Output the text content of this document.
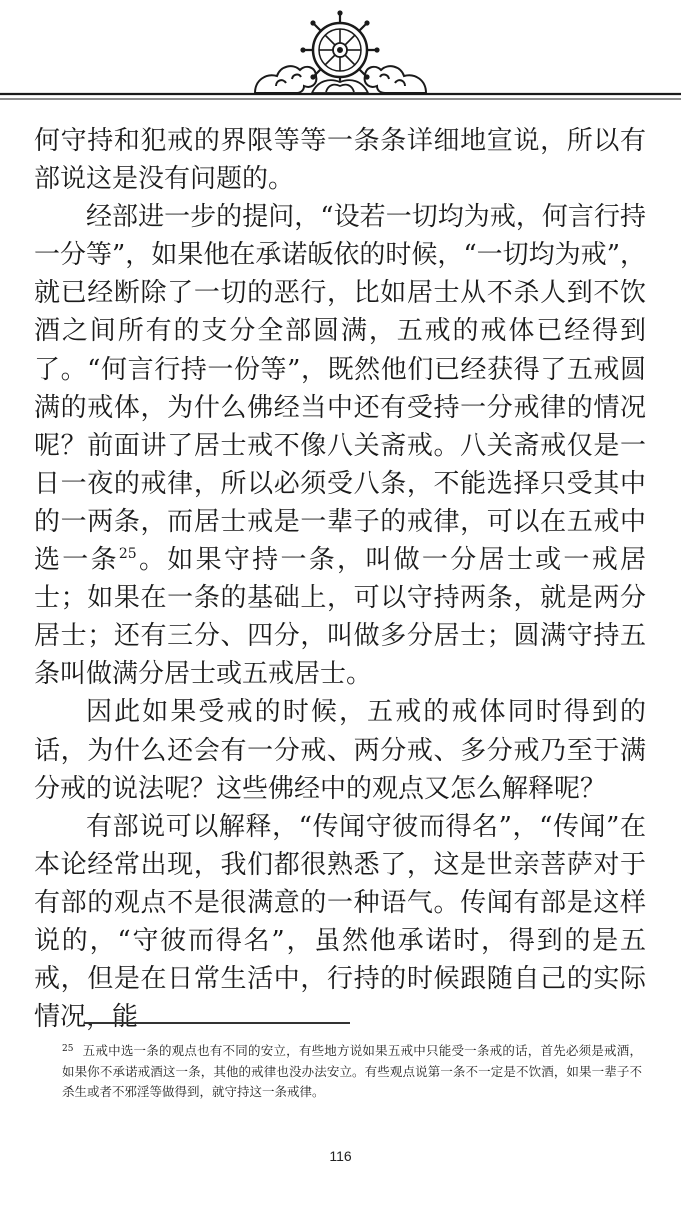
何守持和犯戒的界限等等一条条详细地宣说，所以有部说这是没有问题的。

经部进一步的提问，“设若一切均为戒，何言行持一分等”，如果他在承诺皈依的时候，“一切均为戒”，就已经断除了一切的恶行，比如居士从不杀人到不饮酒之间所有的支分全部圆满，五戒的戒体已经得到了。“何言行持一份等”，既然他们已经获得了五戒圆满的戒体，为什么佛经当中还有受持一分戒律的情况呢？前面讲了居士戒不像八关斋戒。八关斋戒仅是一日一夜的戒律，所以必须受八条，不能选择只受其中的一两条，而居士戒是一辈子的戒律，可以在五戒中选一条$^{25}$。如果守持一条，叫做一分居士或一戒居士；如果在一条的基础上，可以守持两条，就是两分居士；还有三分、四分，叫做多分居士；圆满守持五条叫做满分居士或五戒居士。

因此如果受戒的时候，五戒的戒体同时得到的话，为什么还会有一分戒、两分戒、多分戒乃至于满分戒的说法呢？这些佛经中的观点又怎么解释呢？

有部说可以解释，“传闻守彼而得名”，“传闻”在本论经常出现，我们都很熟悉了，这是世亲菩萨对于有部的观点不是很满意的一种语气。传闻有部是这样说的，“守彼而得名”，虽然他承诺时，得到的是五戒，但是在日常生活中，行持的时候跟随自己的实际情况，能

$^{25}$ 五戒中选一条的观点也有不同的安立，有些地方说如果五戒中只能受一条戒的话，首先必须是戒酒，如果你不承诺戒酒这一条，其他的戒律也没办法安立。有些观点说第一条不一定是不饮酒，如果一辈子不杀生或者不邪淫等做得到，就守持这一条戒律。
116
